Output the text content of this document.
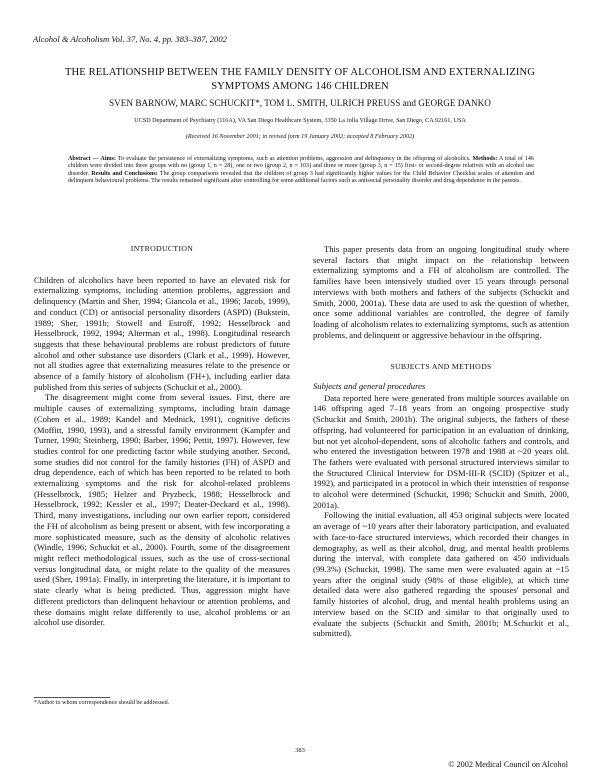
Alcohol & Alcoholism Vol. 37, No. 4, pp. 383–387, 2002
THE RELATIONSHIP BETWEEN THE FAMILY DENSITY OF ALCOHOLISM AND EXTERNALIZING SYMPTOMS AMONG 146 CHILDREN
SVEN BARNOW, MARC SCHUCKIT*, TOM L. SMITH, ULRICH PREUSS and GEORGE DANKO
UCSD Department of Psychiatry (116A), VA San Diego Healthcare System, 3350 La Jolla Village Drive, San Diego, CA 92161, USA
(Received 16 November 2001; in revised form 19 January 2002; accepted 8 February 2002)
Abstract — Aims: To evaluate the persistence of externalizing symptoms, such as attention problems, aggression and delinquency in the offspring of alcoholics. Methods: A total of 146 children were divided into three groups with no (group 1, n = 28), one or two (group 2, n = 103) and three or more (group 3, n = 15) first- or second-degree relatives with an alcohol use disorder. Results and Conclusions: The group comparisons revealed that the children of group 3 had significantly higher values for the Child Behavior Checklist scales of attention and delinquent behavioural problems. The results remained significant after controlling for some additional factors such as antisocial personality disorder and drug dependence in the parents.
INTRODUCTION

Children of alcoholics have been reported to have an elevated risk for externalizing symptoms, including attention problems, aggression and delinquency (Martin and Sher, 1994; Giancola et al., 1996; Jacob, 1999), and conduct (CD) or antisocial personality disorders (ASPD) (Bukstein, 1989; Sher, 1991b; Stowell and Estroff, 1992; Hesselbrock and Hesselbrock, 1992, 1994; Alterman et al., 1998). Longitudinal research suggests that these behavioural problems are robust predictors of future alcohol and other substance use disorders (Clark et al., 1999). However, not all studies agree that externalizing measures relate to the presence or absence of a family history of alcoholism (FH+), including earlier data published from this series of subjects (Schuckit et al., 2000).

The disagreement might come from several issues. First, there are multiple causes of externalizing symptoms, including brain damage (Cohen et al., 1989; Kandel and Mednick, 1991), cognitive deficits (Moffitt, 1990, 1993), and a stressful family environment (Kampfer and Turner, 1990; Steinberg, 1990; Barber, 1996; Pettit, 1997). However, few studies control for one predicting factor while studying another. Second, some studies did not control for the family histories (FH) of ASPD and drug dependence, each of which has been reported to be related to both externalizing symptoms and the risk for alcohol-related problems (Hesselbrock, 1985; Helzer and Pryzbeck, 1988; Hesselbrock and Hesselbrock, 1992; Kessler et al., 1997; Deater-Deckard et al., 1998). Third, many investigations, including our own earlier report, considered the FH of alcoholism as being present or absent, with few incorporating a more sophisticated measure, such as the density of alcoholic relatives (Windle, 1996; Schuckit et al., 2000). Fourth, some of the disagreement might reflect methodological issues, such as the use of cross-sectional versus longitudinal data, or might relate to the quality of the measures used (Sher, 1991a). Finally, in interpreting the literature, it is important to state clearly what is being predicted. Thus, aggression might have different predictors than delinquent behaviour or attention problems, and these domains might relate differently to use, alcohol problems or an alcohol use disorder.

This paper presents data from an ongoing longitudinal study where several factors that might impact on the relationship between externalizing symptoms and a FH of alcoholism are controlled. The families have been intensively studied over 15 years through personal interviews with both mothers and fathers of the subjects (Schuckit and Smith, 2000, 2001a). These data are used to ask the question of whether, once some additional variables are controlled, the degree of family loading of alcoholism relates to externalizing symptoms, such as attention problems, and delinquent or aggressive behaviour in the offspring.

SUBJECTS AND METHODS
Subjects and general procedures

Data reported here were generated from multiple sources available on 146 offspring aged 7–18 years from an ongoing prospective study (Schuckit and Smith, 2001b). The original subjects, the fathers of these offspring, had volunteered for participation in an evaluation of drinking, but not yet alcohol-dependent, sons of alcoholic fathers and controls, and who entered the investigation between 1978 and 1988 at ~20 years old. The fathers were evaluated with personal structured interviews similar to the Structured Clinical Interview for DSM-III-R (SCID) (Spitzer et al., 1992), and participated in a protocol in which their intensities of response to alcohol were determined (Schuckit, 1998; Schuckit and Smith, 2000, 2001a).

Following the initial evaluation, all 453 original subjects were located an average of ~10 years after their laboratory participation, and evaluated with face-to-face structured interviews, which recorded their changes in demography, as well as their alcohol, drug, and mental health problems during the interval, with complete data gathered on 450 individuals (99.3%) (Schuckit, 1998). The same men were evaluated again at ~15 years after the original study (98% of those eligible), at which time detailed data were also gathered regarding the spouses' personal and family histories of alcohol, drug, and mental health problems using an interview based on the SCID and similar to that originally used to evaluate the subjects (Schuckit and Smith, 2001b; M.Schuckit et al., submitted).

*Author to whom correspondence should be addressed.
383
© 2002 Medical Council on Alcohol
